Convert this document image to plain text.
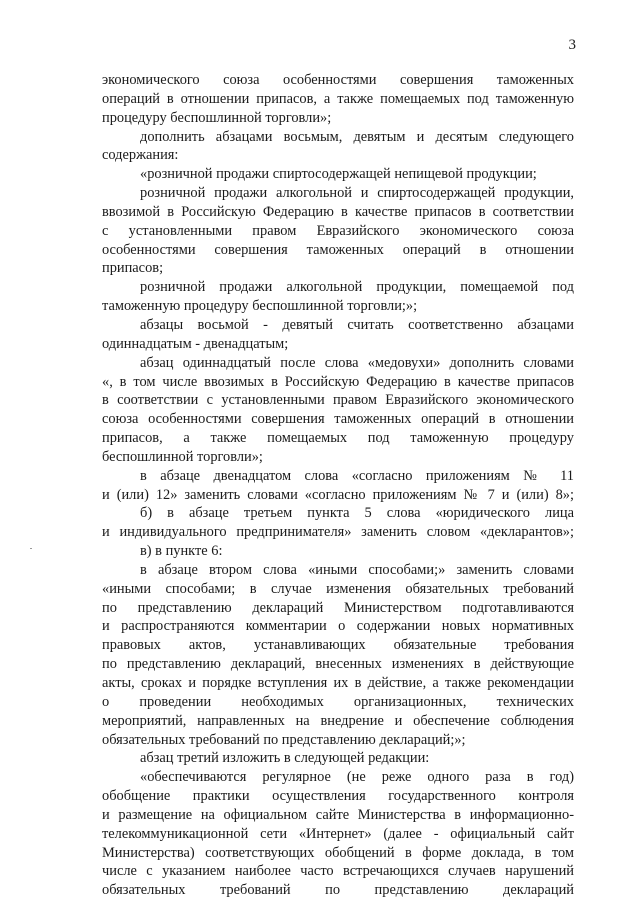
3
экономического союза особенностями совершения таможенных
операций в отношении припасов, а также помещаемых под таможенную
процедуру беспошлинной торговли»;
дополнить абзацами восьмым, девятым и десятым следующего
содержания:
«розничной продажи спиртосодержащей непищевой продукции;
розничной продажи алкогольной и спиртосодержащей продукции,
ввозимой в Российскую Федерацию в качестве припасов в соответствии
с установленными правом Евразийского экономического союза
особенностями совершения таможенных операций в отношении
припасов;
розничной продажи алкогольной продукции, помещаемой под
таможенную процедуру беспошлинной торговли;»;
абзацы восьмой - девятый считать соответственно абзацами
одиннадцатым - двенадцатым;
абзац одиннадцатый после слова «медовухи» дополнить словами
«, в том числе ввозимых в Российскую Федерацию в качестве припасов
в соответствии с установленными правом Евразийского экономического
союза особенностями совершения таможенных операций в отношении
припасов, а также помещаемых под таможенную процедуру
беспошлинной торговли»;
в абзаце двенадцатом слова «согласно приложениям № 11
и (или) 12» заменить словами «согласно приложениям № 7 и (или) 8»;
б) в абзаце третьем пункта 5 слова «юридического лица
и индивидуального предпринимателя» заменить словом «декларантов»;
в) в пункте 6:
в абзаце втором слова «иными способами;» заменить словами
«иными способами; в случае изменения обязательных требований
по представлению деклараций Министерством подготавливаются
и распространяются комментарии о содержании новых нормативных
правовых актов, устанавливающих обязательные требования
по представлению деклараций, внесенных изменениях в действующие
акты, сроках и порядке вступления их в действие, а также рекомендации
о проведении необходимых организационных, технических
мероприятий, направленных на внедрение и обеспечение соблюдения
обязательных требований по представлению деклараций;»;
абзац третий изложить в следующей редакции:
«обеспечиваются регулярное (не реже одного раза в год)
обобщение практики осуществления государственного контроля
и размещение на официальном сайте Министерства в информационно-
телекоммуникационной сети «Интернет» (далее - официальный сайт
Министерства) соответствующих обобщений в форме доклада, в том
числе с указанием наиболее часто встречающихся случаев нарушений
обязательных требований по представлению деклараций
